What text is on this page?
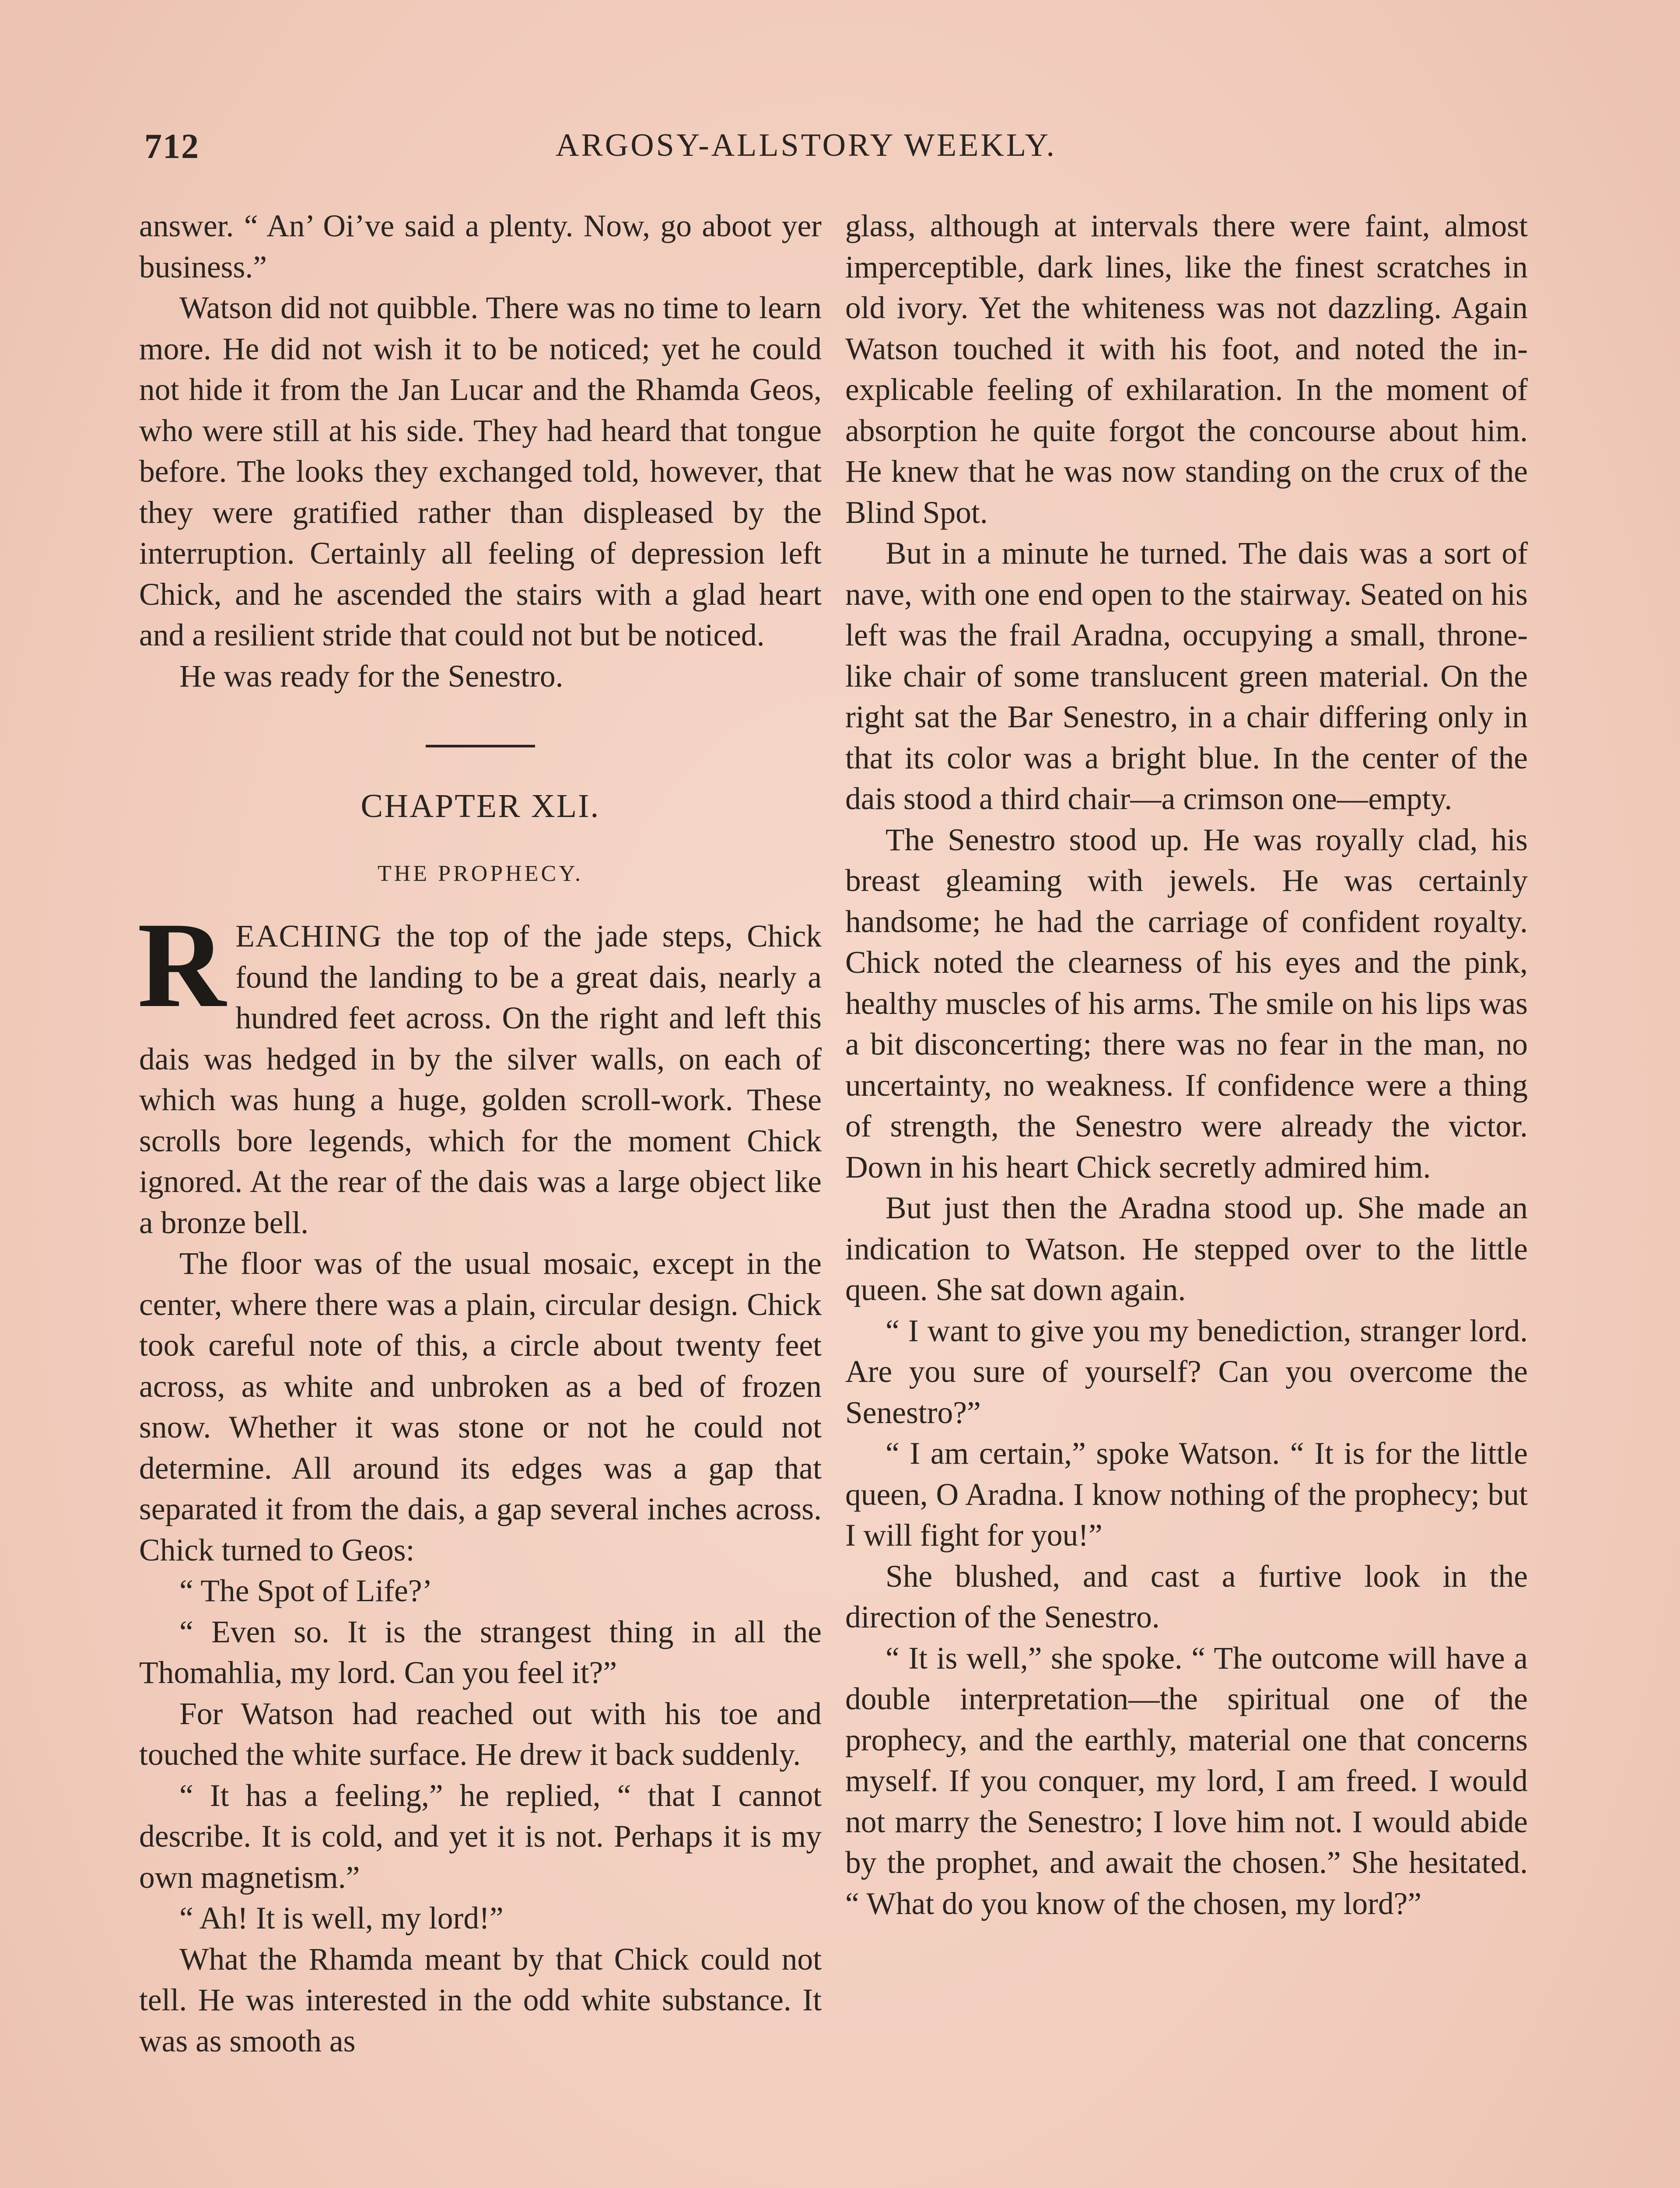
712	ARGOSY-ALLSTORY WEEKLY.

answer. “ An’ Oi’ve said a plenty. Now, go aboot yer business.”

Watson did not quibble. There was no time to learn more. He did not wish it to be noticed; yet he could not hide it from the Jan Lucar and the Rhamda Geos, who were still at his side. They had heard that tongue before. The looks they exchanged told, however, that they were gratified rather than displeased by the interruption. Certainly all feeling of depression left Chick, and he ascended the stairs with a glad heart and a resilient stride that could not but be noticed.

He was ready for the Senestro.

CHAPTER XLI.
THE PROPHECY.

REACHING the top of the jade steps, Chick found the landing to be a great dais, nearly a hundred feet across. On the right and left this dais was hedged in by the silver walls, on each of which was hung a huge, golden scroll-work. These scrolls bore legends, which for the moment Chick ignored. At the rear of the dais was a large object like a bronze bell.

The floor was of the usual mosaic, except in the center, where there was a plain, circular design. Chick took careful note of this, a circle about twenty feet across, as white and unbroken as a bed of frozen snow. Whether it was stone or not he could not determine. All around its edges was a gap that separated it from the dais, a gap several inches across. Chick turned to Geos:

“ The Spot of Life?’

“ Even so. It is the strangest thing in all the Thomahlia, my lord. Can you feel it?”

For Watson had reached out with his toe and touched the white surface. He drew it back suddenly.

“ It has a feeling,” he replied, “ that I cannot describe. It is cold, and yet it is not. Perhaps it is my own magnetism.”

“ Ah! It is well, my lord!”

What the Rhamda meant by that Chick could not tell. He was interested in the odd white substance. It was as smooth as

glass, although at intervals there were faint, almost imperceptible, dark lines, like the finest scratches in old ivory. Yet the whiteness was not dazzling. Again Watson touched it with his foot, and noted the inexplicable feeling of exhilaration. In the moment of absorption he quite forgot the concourse about him. He knew that he was now standing on the crux of the Blind Spot.

But in a minute he turned. The dais was a sort of nave, with one end open to the stairway. Seated on his left was the frail Aradna, occupying a small, thronelike chair of some translucent green material. On the right sat the Bar Senestro, in a chair differing only in that its color was a bright blue. In the center of the dais stood a third chair—a crimson one—empty.

The Senestro stood up. He was royally clad, his breast gleaming with jewels. He was certainly handsome; he had the carriage of confident royalty. Chick noted the clearness of his eyes and the pink, healthy muscles of his arms. The smile on his lips was a bit disconcerting; there was no fear in the man, no uncertainty, no weakness. If confidence were a thing of strength, the Senestro were already the victor. Down in his heart Chick secretly admired him.

But just then the Aradna stood up. She made an indication to Watson. He stepped over to the little queen. She sat down again.

“ I want to give you my benediction, stranger lord. Are you sure of yourself? Can you overcome the Senestro?”

“ I am certain,” spoke Watson. “ It is for the little queen, O Aradna. I know nothing of the prophecy; but I will fight for you!”

She blushed, and cast a furtive look in the direction of the Senestro.

“ It is well,” she spoke. “ The outcome will have a double interpretation—the spiritual one of the prophecy, and the earthly, material one that concerns myself. If you conquer, my lord, I am freed. I would not marry the Senestro; I love him not. I would abide by the prophet, and await the chosen.” She hesitated. “ What do you know of the chosen, my lord?”
